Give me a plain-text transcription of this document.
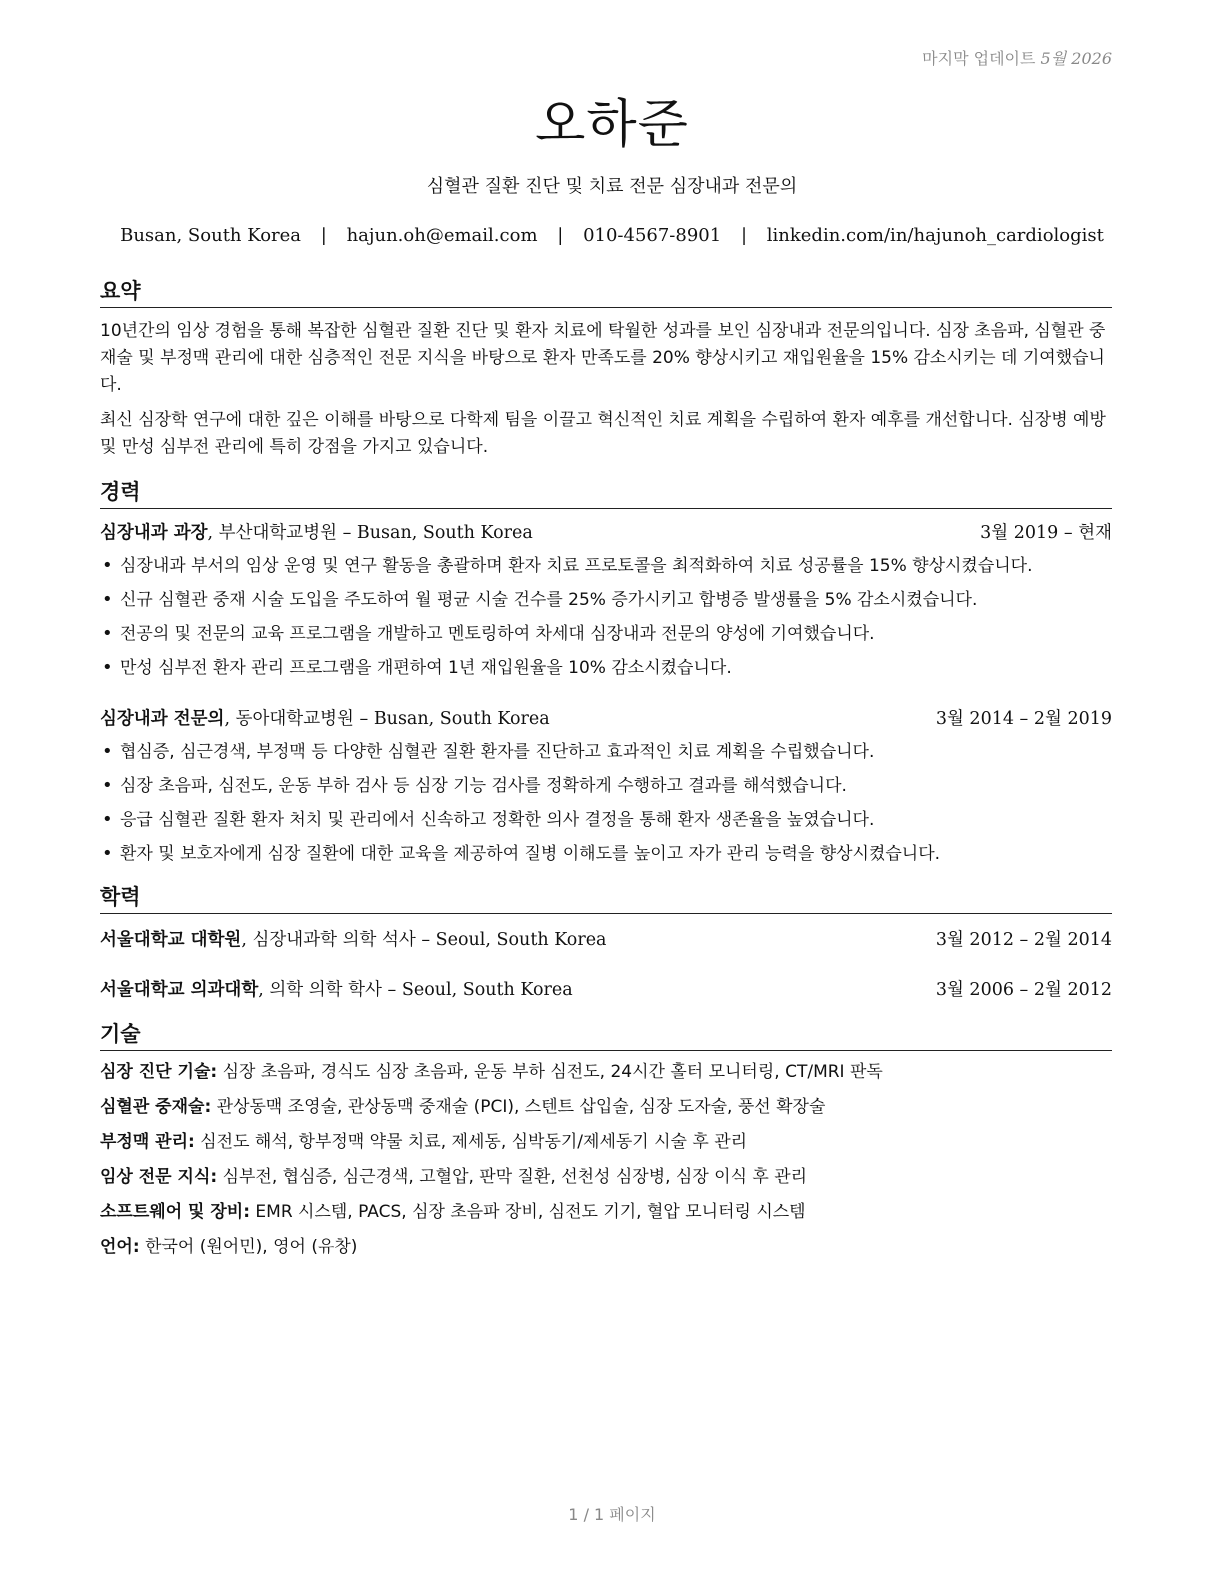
마지막 업데이트 5월 2026
오하준
심혈관 질환 진단 및 치료 전문 심장내과 전문의
Busan, South Korea | hajun.oh@email.com | 010-4567-8901 | linkedin.com/in/hajunoh_cardiologist
요약

10년간의 임상 경험을 통해 복잡한 심혈관 질환 진단 및 환자 치료에 탁월한 성과를 보인 심장내과 전문의입니다. 심장 초음파, 심혈관 중재술 및 부정맥 관리에 대한 심층적인 전문 지식을 바탕으로 환자 만족도를 20% 향상시키고 재입원율을 15% 감소시키는 데 기여했습니다.

최신 심장학 연구에 대한 깊은 이해를 바탕으로 다학제 팀을 이끌고 혁신적인 치료 계획을 수립하여 환자 예후를 개선합니다. 심장병 예방 및 만성 심부전 관리에 특히 강점을 가지고 있습니다.

경력
심장내과 과장, 부산대학교병원 – Busan, South Korea	3월 2019 – 현재
• 심장내과 부서의 임상 운영 및 연구 활동을 총괄하며 환자 치료 프로토콜을 최적화하여 치료 성공률을 15% 향상시켰습니다.
• 신규 심혈관 중재 시술 도입을 주도하여 월 평균 시술 건수를 25% 증가시키고 합병증 발생률을 5% 감소시켰습니다.
• 전공의 및 전문의 교육 프로그램을 개발하고 멘토링하여 차세대 심장내과 전문의 양성에 기여했습니다.
• 만성 심부전 환자 관리 프로그램을 개편하여 1년 재입원율을 10% 감소시켰습니다.
심장내과 전문의, 동아대학교병원 – Busan, South Korea	3월 2014 – 2월 2019
• 협심증, 심근경색, 부정맥 등 다양한 심혈관 질환 환자를 진단하고 효과적인 치료 계획을 수립했습니다.
• 심장 초음파, 심전도, 운동 부하 검사 등 심장 기능 검사를 정확하게 수행하고 결과를 해석했습니다.
• 응급 심혈관 질환 환자 처치 및 관리에서 신속하고 정확한 의사 결정을 통해 환자 생존율을 높였습니다.
• 환자 및 보호자에게 심장 질환에 대한 교육을 제공하여 질병 이해도를 높이고 자가 관리 능력을 향상시켰습니다.
학력
서울대학교 대학원, 심장내과학 의학 석사 – Seoul, South Korea	3월 2012 – 2월 2014
서울대학교 의과대학, 의학 의학 학사 – Seoul, South Korea	3월 2006 – 2월 2012
기술
심장 진단 기술: 심장 초음파, 경식도 심장 초음파, 운동 부하 심전도, 24시간 홀터 모니터링, CT/MRI 판독
심혈관 중재술: 관상동맥 조영술, 관상동맥 중재술 (PCI), 스텐트 삽입술, 심장 도자술, 풍선 확장술
부정맥 관리: 심전도 해석, 항부정맥 약물 치료, 제세동, 심박동기/제세동기 시술 후 관리
임상 전문 지식: 심부전, 협심증, 심근경색, 고혈압, 판막 질환, 선천성 심장병, 심장 이식 후 관리
소프트웨어 및 장비: EMR 시스템, PACS, 심장 초음파 장비, 심전도 기기, 혈압 모니터링 시스템
언어: 한국어 (원어민), 영어 (유창)
1 / 1 페이지
